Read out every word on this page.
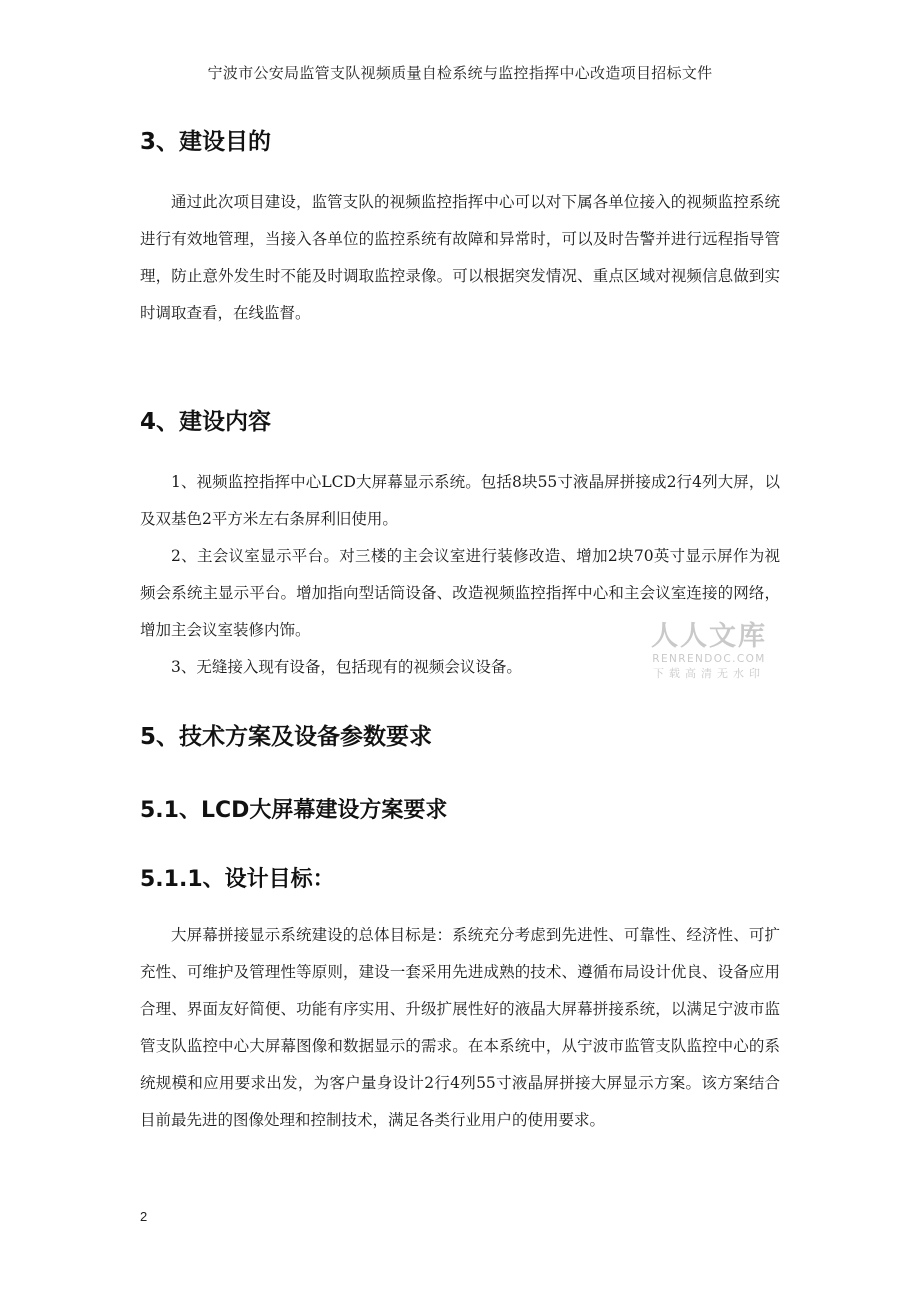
宁波市公安局监管支队视频质量自检系统与监控指挥中心改造项目招标文件
3、建设目的

通过此次项目建设，监管支队的视频监控指挥中心可以对下属各单位接入的视频监控系统进行有效地管理，当接入各单位的监控系统有故障和异常时，可以及时告警并进行远程指导管理，防止意外发生时不能及时调取监控录像。可以根据突发情况、重点区域对视频信息做到实时调取查看，在线监督。

4、建设内容

1、视频监控指挥中心LCD大屏幕显示系统。包括8块55寸液晶屏拼接成2行4列大屏，以及双基色2平方米左右条屏利旧使用。

2、主会议室显示平台。对三楼的主会议室进行装修改造、增加2块70英寸显示屏作为视频会系统主显示平台。增加指向型话筒设备、改造视频监控指挥中心和主会议室连接的网络，增加主会议室装修内饰。

3、无缝接入现有设备，包括现有的视频会议设备。

5、技术方案及设备参数要求
5.1、LCD大屏幕建设方案要求
5.1.1、设计目标：

大屏幕拼接显示系统建设的总体目标是：系统充分考虑到先进性、可靠性、经济性、可扩充性、可维护及管理性等原则，建设一套采用先进成熟的技术、遵循布局设计优良、设备应用合理、界面友好简便、功能有序实用、升级扩展性好的液晶大屏幕拼接系统，以满足宁波市监管支队监控中心大屏幕图像和数据显示的需求。在本系统中，从宁波市监管支队监控中心的系统规模和应用要求出发，为客户量身设计2行4列55寸液晶屏拼接大屏显示方案。该方案结合目前最先进的图像处理和控制技术，满足各类行业用户的使用要求。

人人文库
RENRENDOC.COM
下载高清无水印
2
